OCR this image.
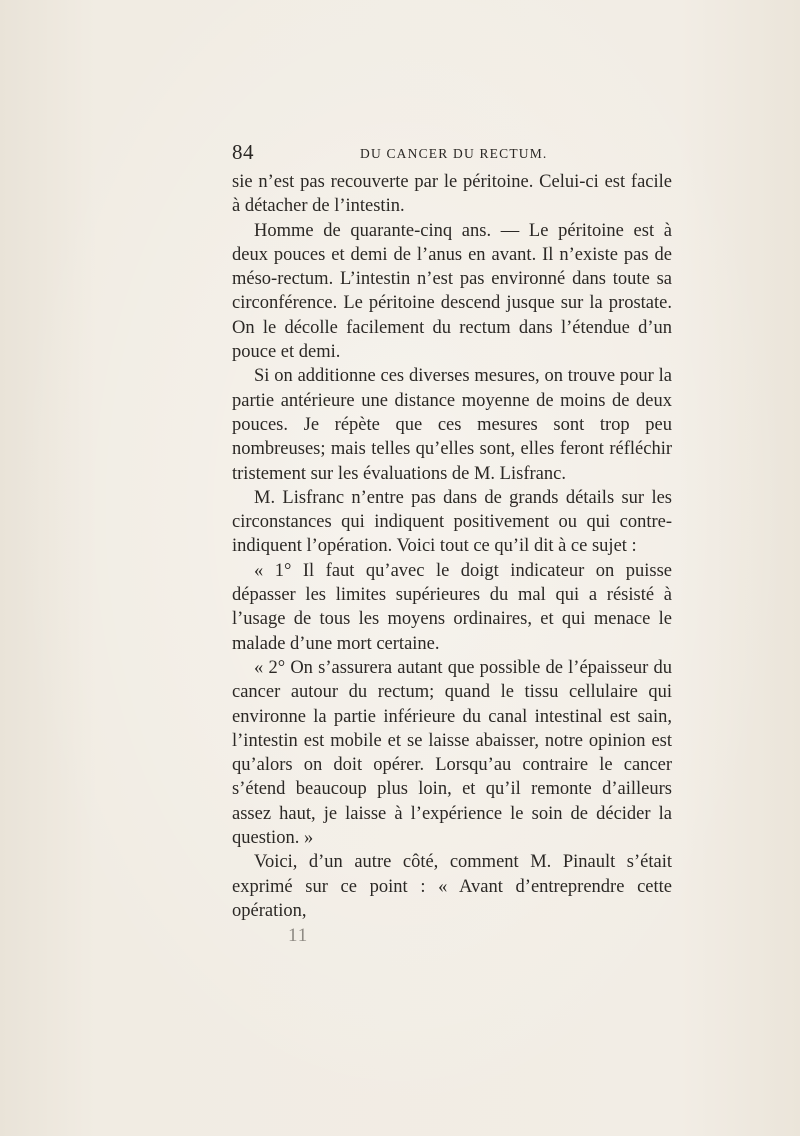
84	DU CANCER DU RECTUM.

sie n’est pas recouverte par le péritoine. Celui-ci est facile à détacher de l’intestin.

Homme de quarante-cinq ans. — Le péritoine est à deux pouces et demi de l’anus en avant. Il n’existe pas de méso-rectum. L’intestin n’est pas environné dans toute sa circonférence. Le péritoine descend jusque sur la prostate. On le décolle facilement du rectum dans l’étendue d’un pouce et demi.

Si on additionne ces diverses mesures, on trouve pour la partie antérieure une distance moyenne de moins de deux pouces. Je répète que ces mesures sont trop peu nombreuses; mais telles qu’elles sont, elles feront réfléchir tristement sur les évaluations de M. Lisfranc.

M. Lisfranc n’entre pas dans de grands détails sur les circonstances qui indiquent positivement ou qui contre-indiquent l’opération. Voici tout ce qu’il dit à ce sujet :

« 1° Il faut qu’avec le doigt indicateur on puisse dépasser les limites supérieures du mal qui a résisté à l’usage de tous les moyens ordinaires, et qui menace le malade d’une mort certaine.

« 2° On s’assurera autant que possible de l’épaisseur du cancer autour du rectum; quand le tissu cellulaire qui environne la partie inférieure du canal intestinal est sain, l’intestin est mobile et se laisse abaisser, notre opinion est qu’alors on doit opérer. Lorsqu’au contraire le cancer s’étend beaucoup plus loin, et qu’il remonte d’ailleurs assez haut, je laisse à l’expérience le soin de décider la question. »

Voici, d’un autre côté, comment M. Pinault s’était exprimé sur ce point : « Avant d’entreprendre cette opération,

11
